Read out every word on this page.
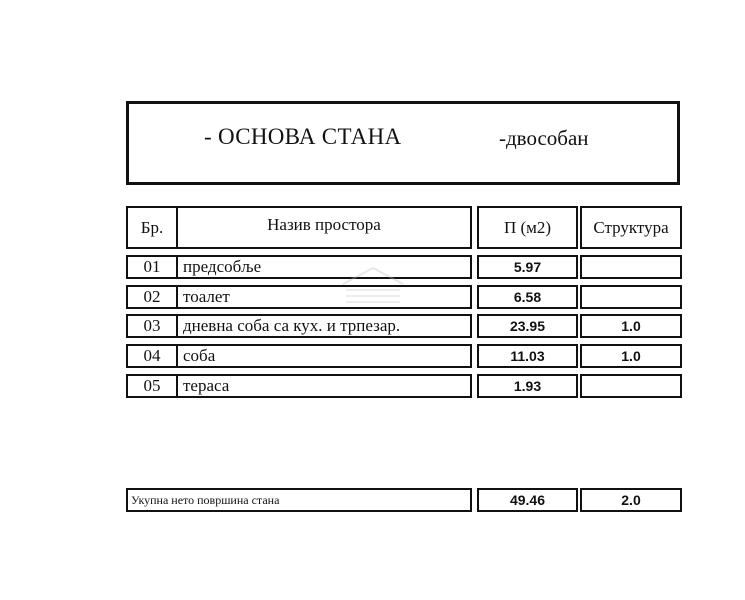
- ОСНОВА СТАНА	-двособан
Бр.	Назив простора	П (м2)	Структура
01	предсобље	5.97
02	тоалет	6.58
03	дневна соба са кух. и трпезар.	23.95	1.0
04	соба	11.03	1.0
05	тераса	1.93
Укупна нето површина стана	49.46	2.0
